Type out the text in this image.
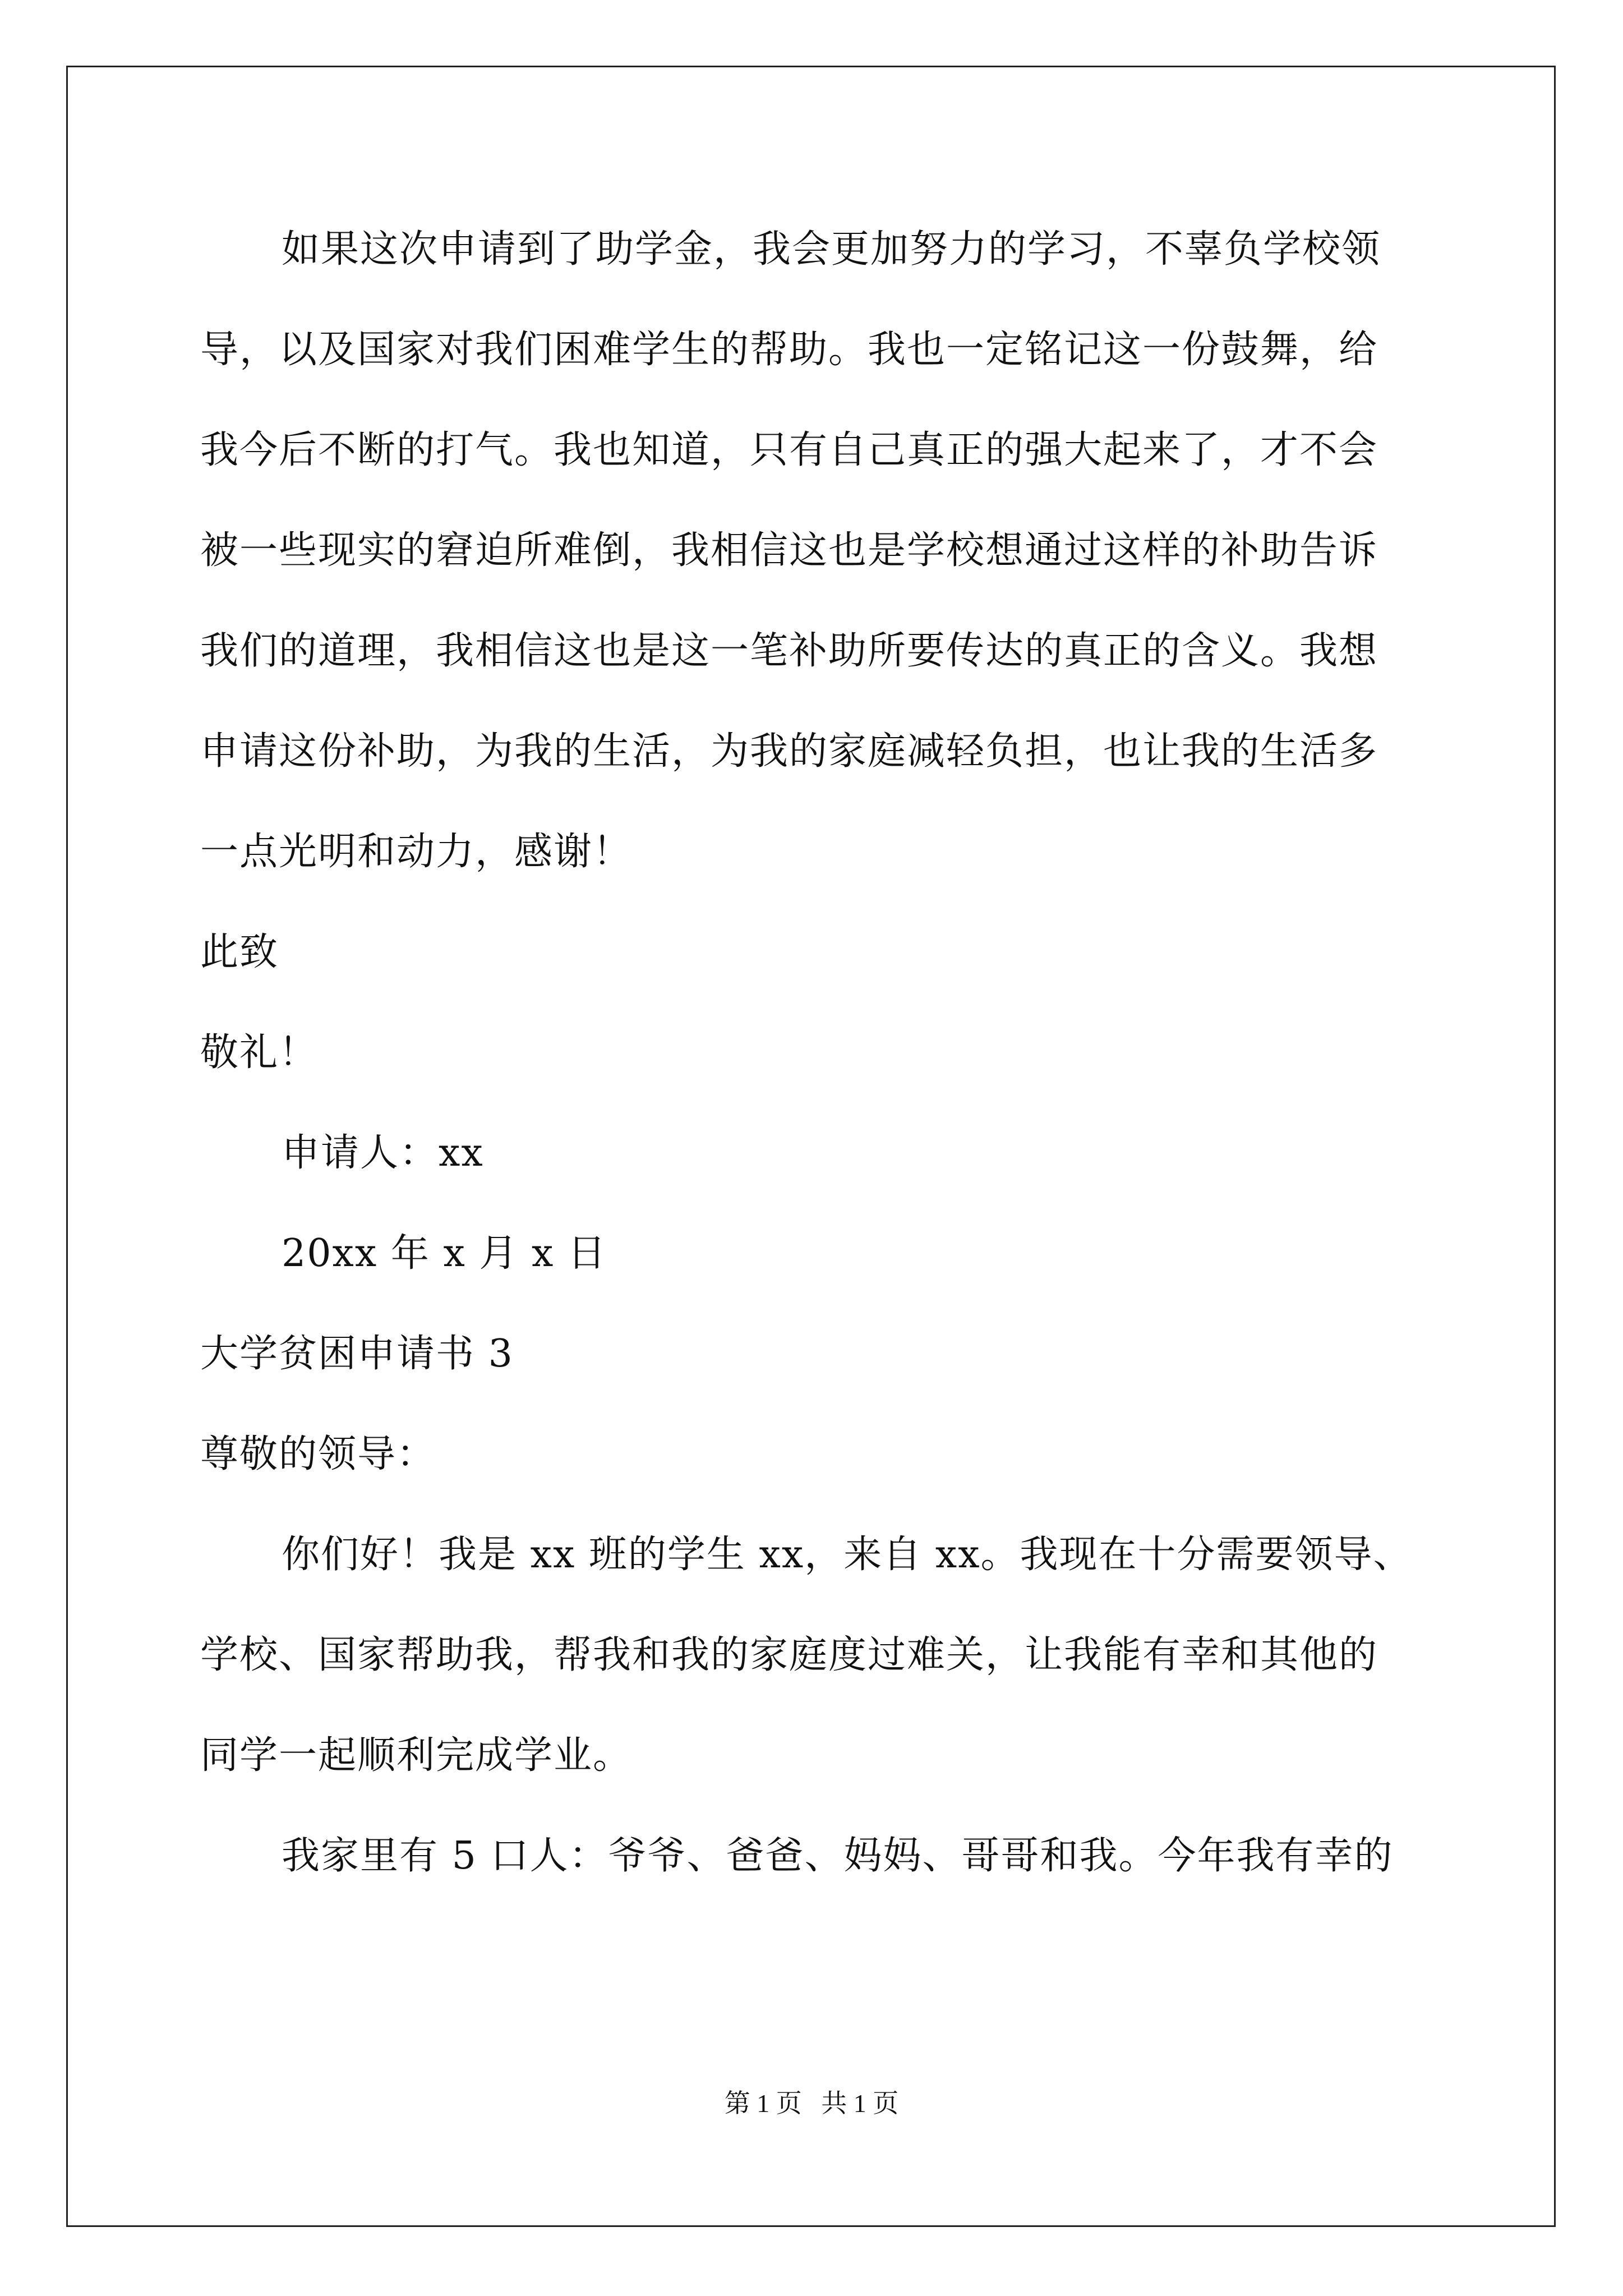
如果这次申请到了助学金，我会更加努力的学习，不辜负学校领
导，以及国家对我们困难学生的帮助。我也一定铭记这一份鼓舞，给
我今后不断的打气。我也知道，只有自己真正的强大起来了，才不会
被一些现实的窘迫所难倒，我相信这也是学校想通过这样的补助告诉
我们的道理，我相信这也是这一笔补助所要传达的真正的含义。我想
申请这份补助，为我的生活，为我的家庭减轻负担，也让我的生活多
一点光明和动力，感谢！
此致
敬礼！
申请人：xx
20xx 年 x 月 x 日
大学贫困申请书 3
尊敬的领导：
你们好！我是 xx 班的学生 xx，来自 xx。我现在十分需要领导、
学校、国家帮助我，帮我和我的家庭度过难关，让我能有幸和其他的
同学一起顺利完成学业。
我家里有 5 口人：爷爷、爸爸、妈妈、哥哥和我。今年我有幸的
第 1 页   共 1 页
